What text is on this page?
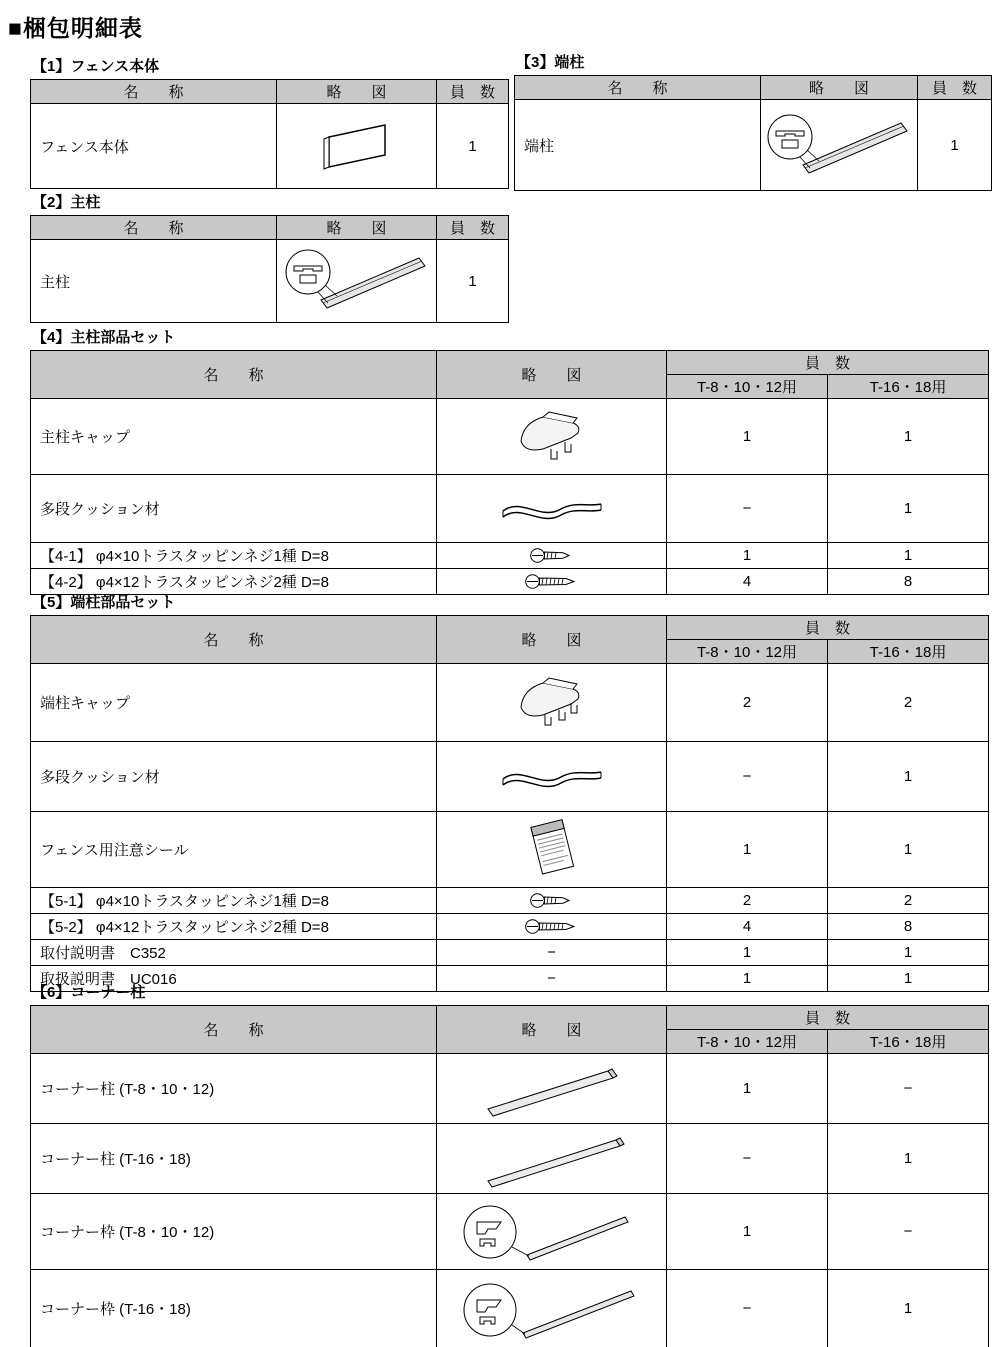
■梱包明細表
【1】フェンス本体
名　　称	略　　図	員　数
フェンス本体		1
【3】端柱
名　　称	略　　図	員　数
端柱		1
【2】主柱
名　　称	略　　図	員　数
主柱		1
【4】主柱部品セット
名　　称	略　　図	員　数	
		T-8・10・12用	T-16・18用
主柱キャップ		1	1
多段クッション材		−	1
【4-1】 φ4×10トラスタッピンネジ1種 D=8		1	1
【4-2】 φ4×12トラスタッピンネジ2種 D=8		4	8
【5】端柱部品セット
名　　称	略　　図	員　数	
		T-8・10・12用	T-16・18用
端柱キャップ		2	2
多段クッション材		−	1
フェンス用注意シール		1	1
【5-1】 φ4×10トラスタッピンネジ1種 D=8		2	2
【5-2】 φ4×12トラスタッピンネジ2種 D=8		4	8
取付説明書　C352	−	1	1
取扱説明書　UC016	−	1	1
【6】コーナー柱
名　　称	略　　図	員　数	
		T-8・10・12用	T-16・18用
コーナー柱 (T-8・10・12)		1	−
コーナー柱 (T-16・18)		−	1
コーナー枠 (T-8・10・12)		1	−
コーナー枠 (T-16・18)		−	1
